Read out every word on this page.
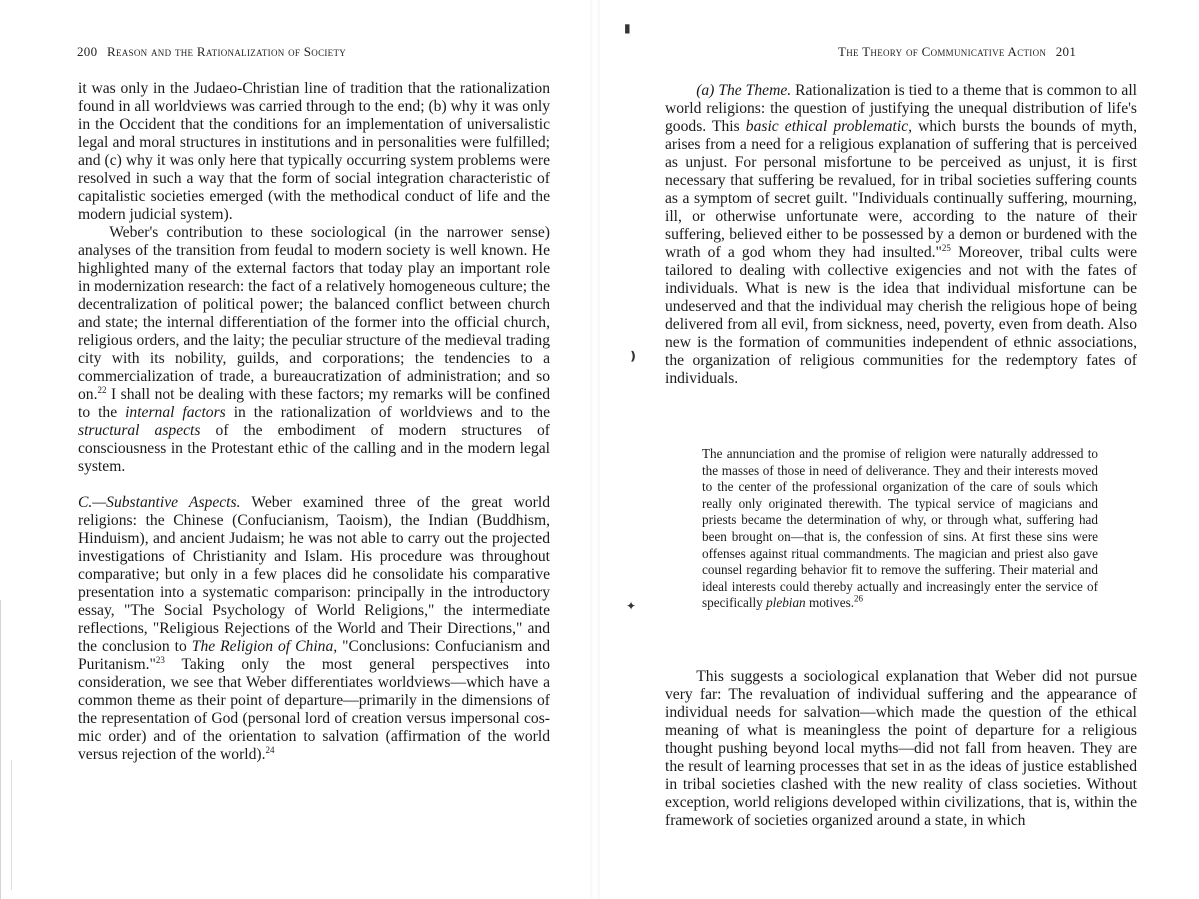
200 Reason and the Rationalization of Society

it was only in the Judaeo-Christian line of tradition that the rationalization found in all worldviews was carried through to the end; (b) why it was only in the Occident that the conditions for an implementation of universalistic legal and moral structures in institutions and in personalities were fulfilled; and (c) why it was only here that typically occurring system problems were resolved in such a way that the form of social integration characteristic of capitalistic societies emerged (with the methodical conduct of life and the modern judicial system).

Weber's contribution to these sociological (in the narrower sense) analyses of the transition from feudal to modern society is well known. He highlighted many of the external factors that today play an important role in modernization research: the fact of a relatively homogeneous culture; the decentralization of political power; the balanced conflict between church and state; the internal differentiation of the former into the official church, religious orders, and the laity; the peculiar structure of the medieval trading city with its nobility, guilds, and corporations; the tendencies to a commercialization of trade, a bureaucratization of administration; and so on.$^{22}$ I shall not be dealing with these factors; my remarks will be confined to the internal factors in the rationalization of worldviews and to the structural aspects of the embodiment of modern structures of consciousness in the Protestant ethic of the calling and in the modern legal system.

C.—Substantive Aspects. Weber examined three of the great world religions: the Chinese (Confucianism, Taoism), the Indian (Buddhism, Hinduism), and ancient Judaism; he was not able to carry out the projected investigations of Christianity and Islam. His procedure was throughout comparative; but only in a few places did he consolidate his comparative presentation into a systematic comparison: principally in the introductory essay, "The Social Psychology of World Religions," the intermediate reflections, "Religious Rejections of the World and Their Directions," and the conclusion to The Religion of China, "Conclusions: Confucianism and Puritanism."$^{23}$ Taking only the most general perspectives into consideration, we see that Weber differentiates worldviews—which have a common theme as their point of departure—primarily in the dimensions of the representation of God (personal lord of creation versus impersonal cosmic order) and of the orientation to salvation (affirmation of the world versus rejection of the world).$^{24}$

The Theory of Communicative Action 201

(a) The Theme. Rationalization is tied to a theme that is common to all world religions: the question of justifying the unequal distribution of life's goods. This basic ethical problematic, which bursts the bounds of myth, arises from a need for a religious explanation of suffering that is perceived as unjust. For personal misfortune to be perceived as unjust, it is first necessary that suffering be revalued, for in tribal societies suffering counts as a symptom of secret guilt. "Individuals continually suffering, mourning, ill, or otherwise unfortunate were, according to the nature of their suffering, believed either to be possessed by a demon or burdened with the wrath of a god whom they had insulted."$^{25}$ Moreover, tribal cults were tailored to dealing with collective exigencies and not with the fates of individuals. What is new is the idea that individual misfortune can be undeserved and that the individual may cherish the religious hope of being delivered from all evil, from sickness, need, poverty, even from death. Also new is the formation of communities independent of ethnic associations, the organization of religious communities for the redemptory fates of individuals.

The annunciation and the promise of religion were naturally addressed to the masses of those in need of deliverance. They and their interests moved to the center of the professional organization of the care of souls which really only originated therewith. The typical service of magicians and priests became the determination of why, or through what, suffering had been brought on—that is, the confession of sins. At first these sins were offenses against ritual commandments. The magician and priest also gave counsel regarding behavior fit to remove the suffering. Their material and ideal interests could thereby actually and increasingly enter the service of specifically plebian motives.$^{26}$

This suggests a sociological explanation that Weber did not pursue very far: The revaluation of individual suffering and the appearance of individual needs for salvation—which made the question of the ethical meaning of what is meaningless the point of departure for a religious thought pushing beyond local myths—did not fall from heaven. They are the result of learning processes that set in as the ideas of justice established in tribal societies clashed with the new reality of class societies. Without exception, world religions developed within civilizations, that is, within the framework of societies organized around a state, in which

▮
❫
✦
